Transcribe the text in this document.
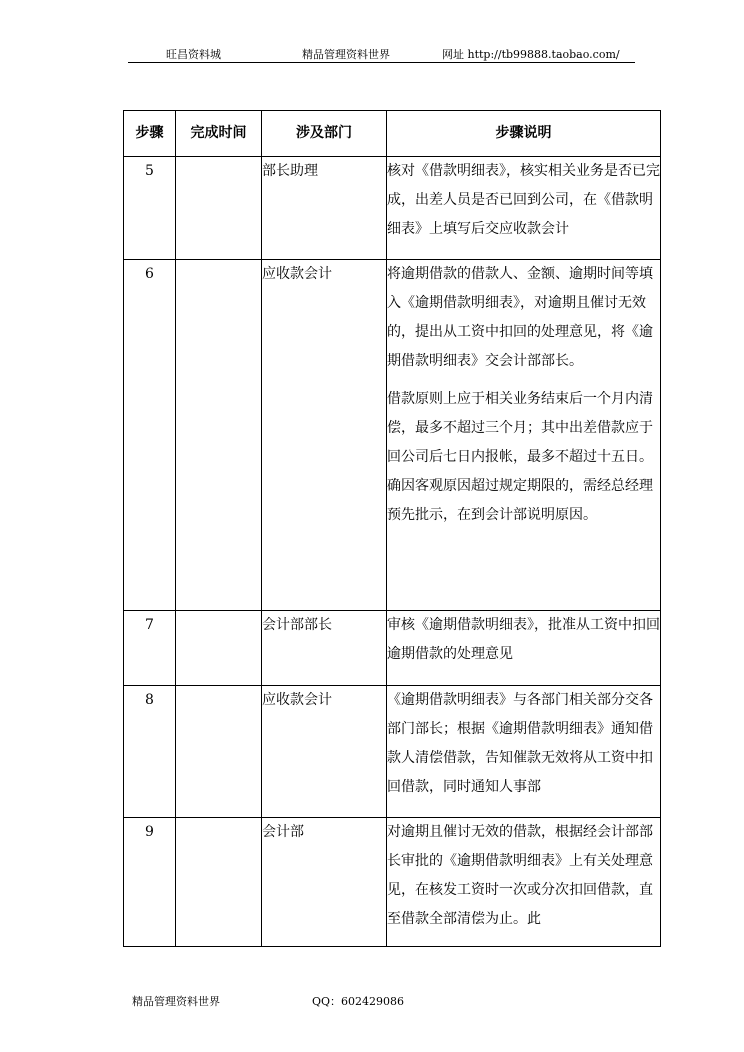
旺昌资料城	精品管理资料世界	网址 http://tb99888.taobao.com/
步骤	完成时间	涉及部门	步骤说明
5		部长助理	核对《借款明细表》，核实相关业务是否已完成，出差人员是否已回到公司，在《借款明细表》上填写后交应收款会计

6		应收款会计	将逾期借款的借款人、金额、逾期时间等填入《逾期借款明细表》，对逾期且催讨无效的，提出从工资中扣回的处理意见，将《逾期借款明细表》交会计部部长。
借款原则上应于相关业务结束后一个月内清偿，最多不超过三个月；其中出差借款应于回公司后七日内报帐，最多不超过十五日。确因客观原因超过规定期限的，需经总经理预先批示，在到会计部说明原因。

7		会计部部长	审核《逾期借款明细表》，批准从工资中扣回逾期借款的处理意见

8		应收款会计	《逾期借款明细表》与各部门相关部分交各部门部长；根据《逾期借款明细表》通知借款人清偿借款，告知催款无效将从工资中扣回借款，同时通知人事部

9		会计部	对逾期且催讨无效的借款，根据经会计部部长审批的《逾期借款明细表》上有关处理意见，在核发工资时一次或分次扣回借款，直至借款全部清偿为止。此
精品管理资料世界	QQ：602429086
